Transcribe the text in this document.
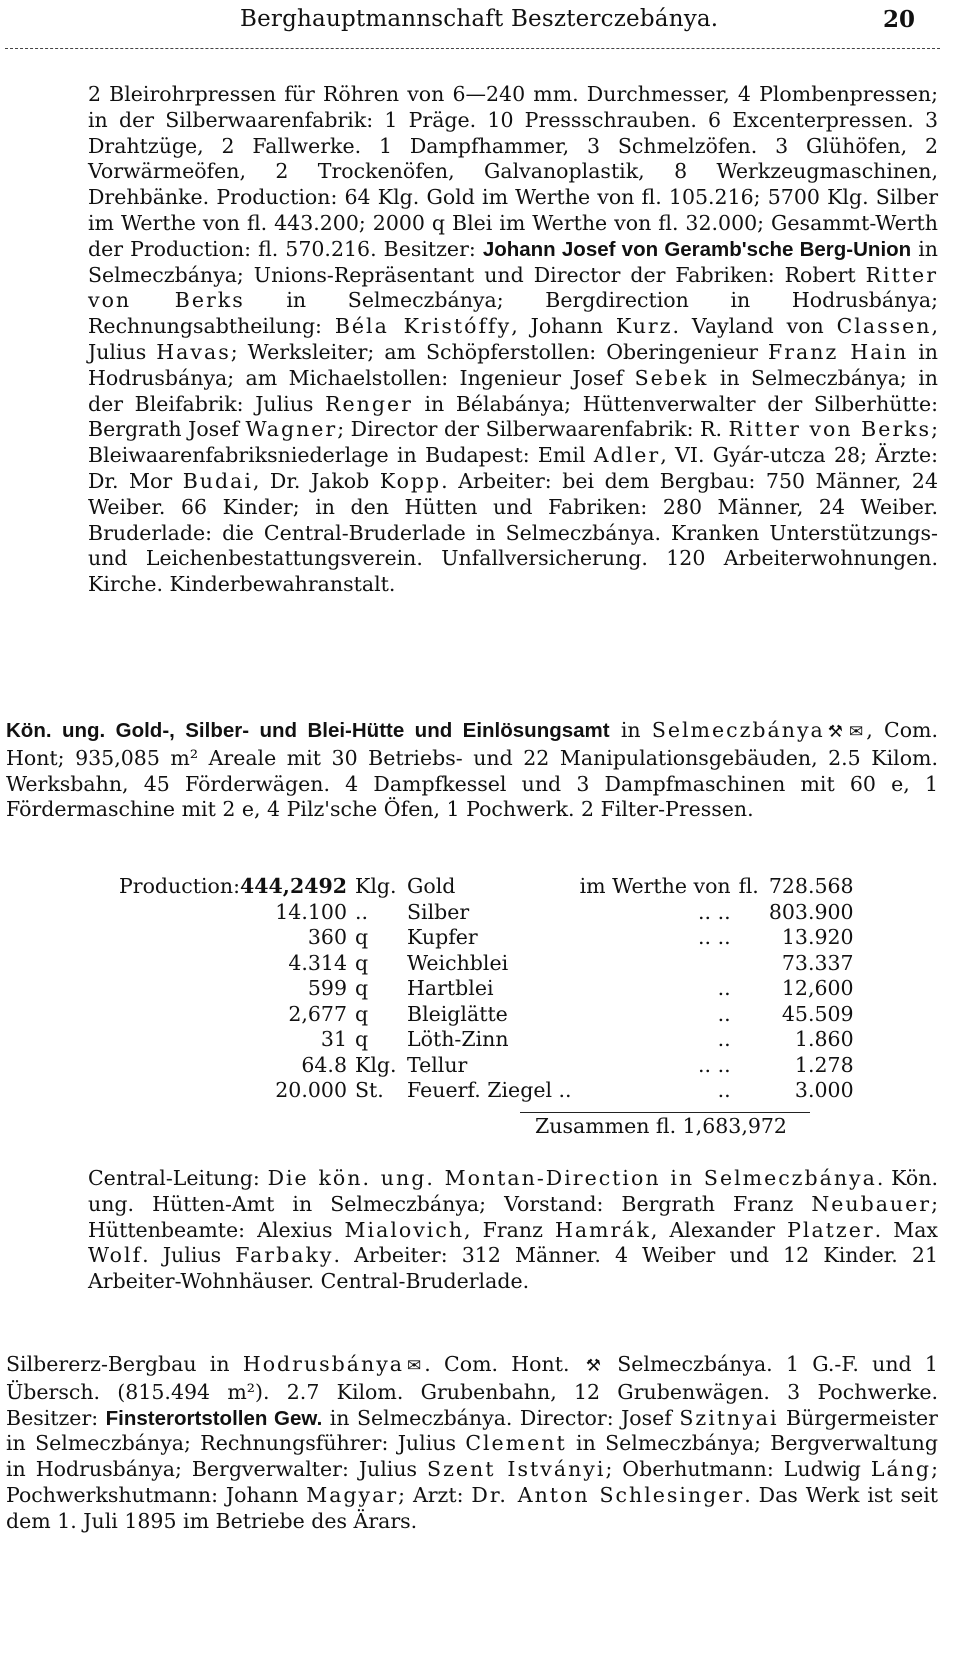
Berghauptmannschaft Beszterczebánya.	20

2 Bleirohrpressen für Röhren von 6—240 mm. Durchmesser, 4 Plombenpressen; in der Silberwaarenfabrik: 1 Präge. 10 Pressschrauben. 6 Excenterpressen. 3 Drahtzüge, 2 Fallwerke. 1 Dampfhammer, 3 Schmelzöfen. 3 Glühöfen, 2 Vorwärmeöfen, 2 Trockenöfen, Galvanoplastik, 8 Werkzeugmaschinen, Drehbänke. Production: 64 Klg. Gold im Werthe von fl. 105.216; 5700 Klg. Silber im Werthe von fl. 443.200; 2000 q Blei im Werthe von fl. 32.000; Gesammt-Werth der Production: fl. 570.216. Besitzer: Johann Josef von Geramb'sche Berg-Union in Selmeczbánya; Unions-Repräsentant und Director der Fabriken: Robert Ritter von Berks in Selmeczbánya; Bergdirection in Hodrusbánya; Rechnungsabtheilung: Béla Kristóffy, Johann Kurz. Vayland von Classen, Julius Havas; Werksleiter; am Schöpferstollen: Oberingenieur Franz Hain in Hodrusbánya; am Michaelstollen: Ingenieur Josef Sebek in Selmeczbánya; in der Bleifabrik: Julius Renger in Bélabánya; Hüttenverwalter der Silberhütte: Bergrath Josef Wagner; Director der Silberwaarenfabrik: R. Ritter von Berks; Bleiwaarenfabriksniederlage in Budapest: Emil Adler, VI. Gyár-utcza 28; Ärzte: Dr. Mor Budai, Dr. Jakob Kopp. Arbeiter: bei dem Bergbau: 750 Männer, 24 Weiber. 66 Kinder; in den Hütten und Fabriken: 280 Männer, 24 Weiber. Bruderlade: die Central-Bruderlade in Selmeczbánya. Kranken Unterstützungs- und Leichenbestattungsverein. Unfallversicherung. 120 Arbeiterwohnungen. Kirche. Kinderbewahranstalt.

Kön. ung. Gold-, Silber- und Blei-Hütte und Einlösungsamt in Selmeczbánya ⚒ ✉ , Com. Hont; 935,085 m² Areale mit 30 Betriebs- und 22 Manipulationsgebäuden, 2.5 Kilom. Werksbahn, 45 Förderwägen. 4 Dampfkessel und 3 Dampfmaschinen mit 60 e, 1 Fördermaschine mit 2 e, 4 Pilz'sche Öfen, 1 Pochwerk. 2 Filter-Pressen.

Production: 444,2492	Klg.	Gold	im Werthe von	fl. 728.568
14.100	..	Silber	.. ..	803.900
360	q	Kupfer	.. ..	13.920
4.314	q	Weichblei		73.337
599	q	Hartblei	..	12,600
2,677	q	Bleiglätte	..	45.509
31	q	Löth-Zinn	..	1.860
64.8	Klg.	Tellur	.. ..	1.278
20.000	St.	Feuerf. Ziegel ..	..	3.000
Zusammen fl. 1,683,972

Central-Leitung: Die kön. ung. Montan-Direction in Selmeczbánya. Kön. ung. Hütten-Amt in Selmeczbánya; Vorstand: Bergrath Franz Neubauer; Hüttenbeamte: Alexius Mialovich, Franz Hamrák, Alexander Platzer. Max Wolf. Julius Farbaky. Arbeiter: 312 Männer. 4 Weiber und 12 Kinder. 21 Arbeiter-Wohnhäuser. Central-Bruderlade.

Silbererz-Bergbau in Hodrusbánya ✉ . Com. Hont. ⚒ Selmeczbánya. 1 G.-F. und 1 Übersch. (815.494 m²). 2.7 Kilom. Grubenbahn, 12 Grubenwägen. 3 Pochwerke. Besitzer: Finsterortstollen Gew. in Selmeczbánya. Director: Josef Szitnyai Bürgermeister in Selmeczbánya; Rechnungsführer: Julius Clement in Selmeczbánya; Bergverwaltung in Hodrusbánya; Bergverwalter: Julius Szent Istványi; Oberhutmann: Ludwig Láng; Pochwerkshutmann: Johann Magyar; Arzt: Dr. Anton Schlesinger. Das Werk ist seit dem 1. Juli 1895 im Betriebe des Ärars.
